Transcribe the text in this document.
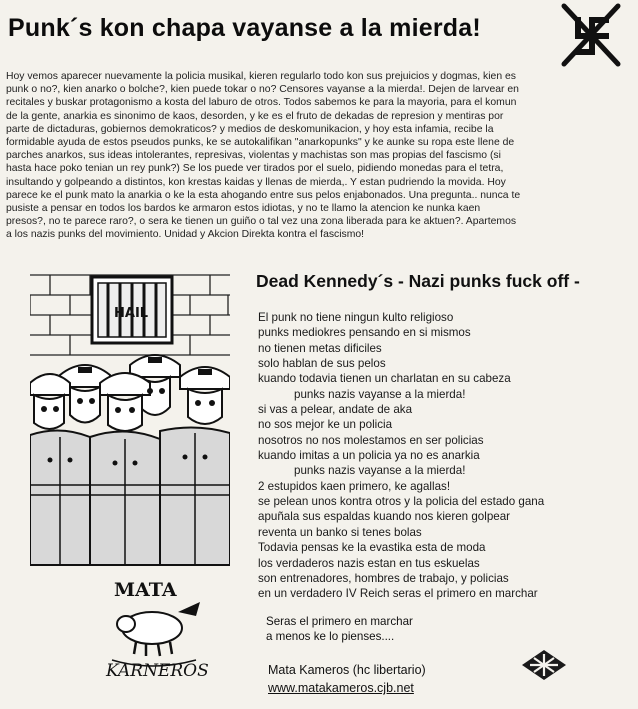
Punk´s kon chapa vayanse a la mierda!
Hoy vemos aparecer nuevamente la policia musikal, kieren regularlo todo kon sus prejuicios y dogmas, kien es
punk o no?, kien anarko o bolche?, kien puede tokar o no? Censores vayanse a la mierda!. Dejen de larvear en
recitales y buskar protagonismo a kosta del laburo de otros. Todos sabemos ke para la mayoria, para el komun
de la gente, anarkia es sinonimo de kaos, desorden, y ke es el fruto de dekadas de represion y mentiras por
parte de dictaduras, gobiernos demokraticos? y medios de deskomunikacion, y hoy esta infamia, recibe la
formidable ayuda de estos pseudos punks, ke se autokalifikan "anarkopunks" y ke aunke su ropa este llene de
parches anarkos, sus ideas intolerantes, represivas, violentas y machistas son mas propias del fascismo (si
hasta hace poko tenian un rey punk?) Se los puede ver tirados por el suelo, pidiendo monedas para el tetra,
insultando y golpeando a distintos, kon krestas kaidas y llenas de mierda,. Y estan pudriendo la movida. Hoy
parece ke el punk mato la anarkia o ke la esta ahogando entre sus pelos enjabonados. Una pregunta.. nunca te
pusiste a pensar en todos los bardos ke armaron estos idiotas, y no te llamo la atencion ke nunka kaen
presos?, no te parece raro?, o sera ke tienen un guiño o tal vez una zona liberada para ke aktuen?. Apartemos
a los nazis punks del movimiento. Unidad y Akcion Direkta kontra el fascismo!
HAIL
MATA
KARNEROS
Dead Kennedy´s - Nazi punks fuck off -
El punk no tiene ningun kulto religioso
punks mediokres pensando en si mismos
no tienen metas dificiles
solo hablan de sus pelos
kuando todavia tienen un charlatan en su cabeza
punks nazis vayanse a la mierda!
si vas a pelear, andate de aka
no sos mejor ke un policia
nosotros no nos molestamos en ser policias
kuando imitas a un policia ya no es anarkia
punks nazis vayanse a la mierda!
2 estupidos kaen primero, ke agallas!
se pelean unos kontra otros y la policia del estado gana
apuñala sus espaldas kuando nos kieren golpear
reventa un banko si tenes bolas
Todavia pensas ke la evastika esta de moda
los verdaderos nazis estan en tus eskuelas
son entrenadores, hombres de trabajo, y policias
en un verdadero IV Reich seras el primero en marchar
Seras el primero en marchar
a menos ke lo pienses....
Mata Kameros (hc libertario)
www.matakameros.cjb.net
